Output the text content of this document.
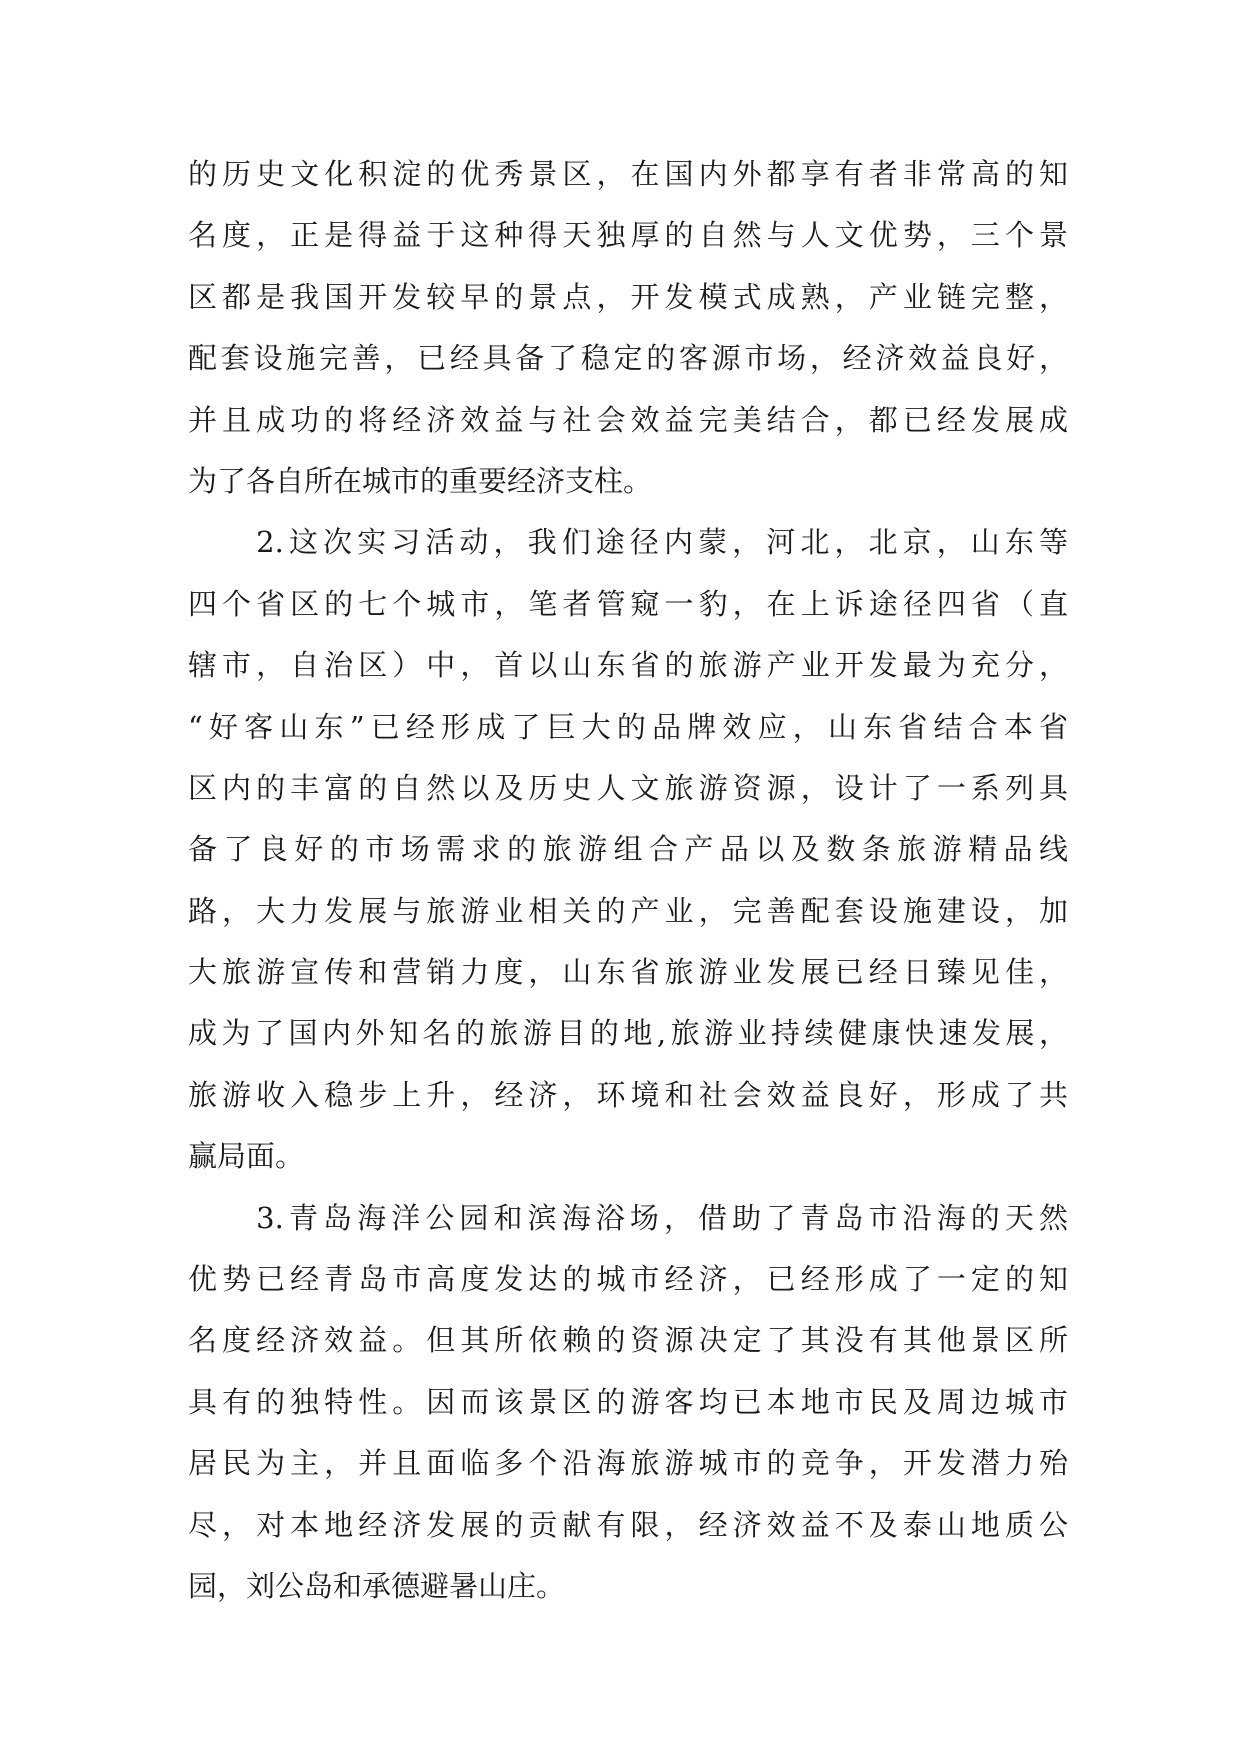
的历史文化积淀的优秀景区，在国内外都享有者非常高的知
名度，正是得益于这种得天独厚的自然与人文优势，三个景
区都是我国开发较早的景点，开发模式成熟，产业链完整，
配套设施完善，已经具备了稳定的客源市场，经济效益良好，
并且成功的将经济效益与社会效益完美结合，都已经发展成
为了各自所在城市的重要经济支柱。
　　2.这次实习活动，我们途径内蒙，河北，北京，山东等
四个省区的七个城市，笔者管窥一豹，在上诉途径四省（直
辖市，自治区）中，首以山东省的旅游产业开发最为充分，
“好客山东”已经形成了巨大的品牌效应，山东省结合本省
区内的丰富的自然以及历史人文旅游资源，设计了一系列具
备了良好的市场需求的旅游组合产品以及数条旅游精品线
路，大力发展与旅游业相关的产业，完善配套设施建设，加
大旅游宣传和营销力度，山东省旅游业发展已经日臻见佳，
成为了国内外知名的旅游目的地,旅游业持续健康快速发展，
旅游收入稳步上升，经济，环境和社会效益良好，形成了共
赢局面。
　　3.青岛海洋公园和滨海浴场，借助了青岛市沿海的天然
优势已经青岛市高度发达的城市经济，已经形成了一定的知
名度经济效益。但其所依赖的资源决定了其没有其他景区所
具有的独特性。因而该景区的游客均已本地市民及周边城市
居民为主，并且面临多个沿海旅游城市的竞争，开发潜力殆
尽，对本地经济发展的贡献有限，经济效益不及泰山地质公
园，刘公岛和承德避暑山庄。
